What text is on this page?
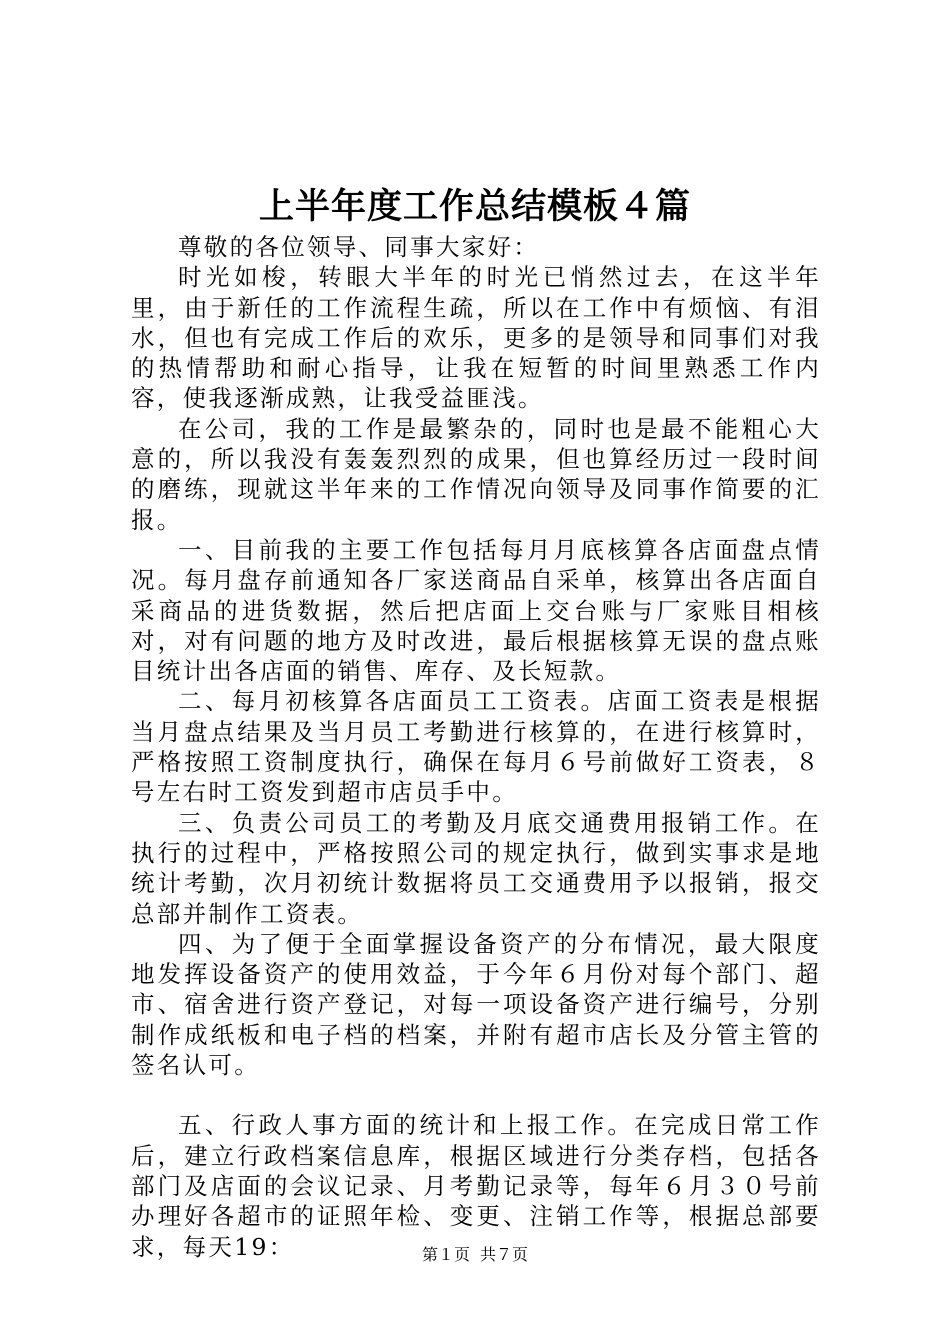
上半年度工作总结模板４篇

尊敬的各位领导、同事大家好：

时光如梭，转眼大半年的时光已悄然过去，在这半年里，由于新任的工作流程生疏，所以在工作中有烦恼、有泪水，但也有完成工作后的欢乐，更多的是领导和同事们对我的热情帮助和耐心指导，让我在短暂的时间里熟悉工作内容，使我逐渐成熟，让我受益匪浅。

在公司，我的工作是最繁杂的，同时也是最不能粗心大意的，所以我没有轰轰烈烈的成果，但也算经历过一段时间的磨练，现就这半年来的工作情况向领导及同事作简要的汇报。

一、目前我的主要工作包括每月月底核算各店面盘点情况。每月盘存前通知各厂家送商品自采单，核算出各店面自采商品的进货数据，然后把店面上交台账与厂家账目相核对，对有问题的地方及时改进，最后根据核算无误的盘点账目统计出各店面的销售、库存、及长短款。

二、每月初核算各店面员工工资表。店面工资表是根据当月盘点结果及当月员工考勤进行核算的，在进行核算时，严格按照工资制度执行，确保在每月６号前做好工资表，８号左右时工资发到超市店员手中。

三、负责公司员工的考勤及月底交通费用报销工作。在执行的过程中，严格按照公司的规定执行，做到实事求是地统计考勤，次月初统计数据将员工交通费用予以报销，报交总部并制作工资表。

四、为了便于全面掌握设备资产的分布情况，最大限度地发挥设备资产的使用效益，于今年６月份对每个部门、超市、宿舍进行资产登记，对每一项设备资产进行编号，分别制作成纸板和电子档的档案，并附有超市店长及分管主管的签名认可。

五、行政人事方面的统计和上报工作。在完成日常工作后，建立行政档案信息库，根据区域进行分类存档，包括各部门及店面的会议记录、月考勤记录等，每年６月３０号前办理好各超市的证照年检、变更、注销工作等，根据总部要求，每天19：	第１页 共７页
